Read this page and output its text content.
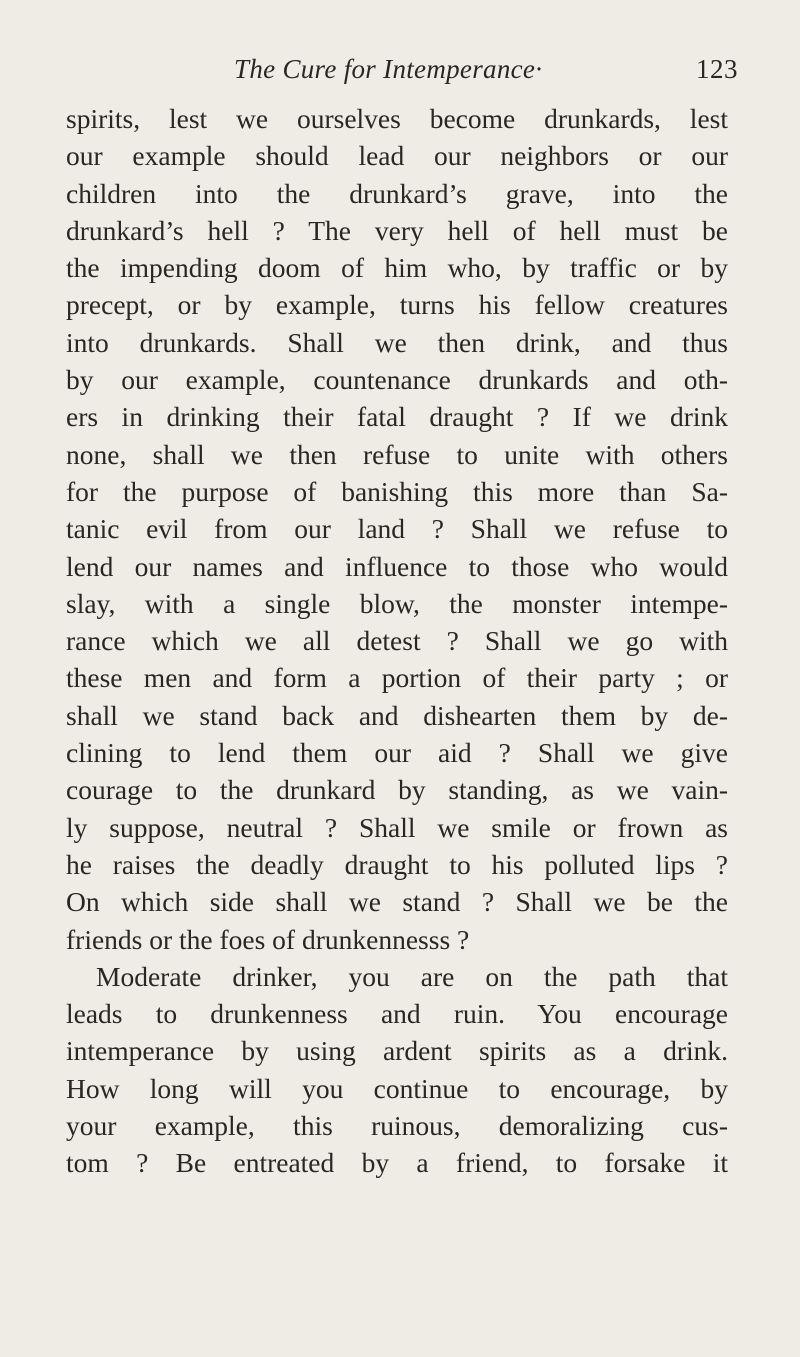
The Cure for Intemperance·	123
spirits, lest we ourselves become drunkards, lest
our example should lead our neighbors or our
children into the drunkard’s grave, into the
drunkard’s hell ? The very hell of hell must be
the impending doom of him who, by traffic or by
precept, or by example, turns his fellow creatures
into drunkards. Shall we then drink, and thus
by our example, countenance drunkards and oth-
ers in drinking their fatal draught ? If we drink
none, shall we then refuse to unite with others
for the purpose of banishing this more than Sa-
tanic evil from our land ? Shall we refuse to
lend our names and influence to those who would
slay, with a single blow, the monster intempe-
rance which we all detest ? Shall we go with
these men and form a portion of their party ; or
shall we stand back and dishearten them by de-
clining to lend them our aid ? Shall we give
courage to the drunkard by standing, as we vain-
ly suppose, neutral ? Shall we smile or frown as
he raises the deadly draught to his polluted lips ?
On which side shall we stand ? Shall we be the
friends or the foes of drunkennesss ?
Moderate drinker, you are on the path that
leads to drunkenness and ruin. You encourage
intemperance by using ardent spirits as a drink.
How long will you continue to encourage, by
your example, this ruinous, demoralizing cus-
tom ? Be entreated by a friend, to forsake it
